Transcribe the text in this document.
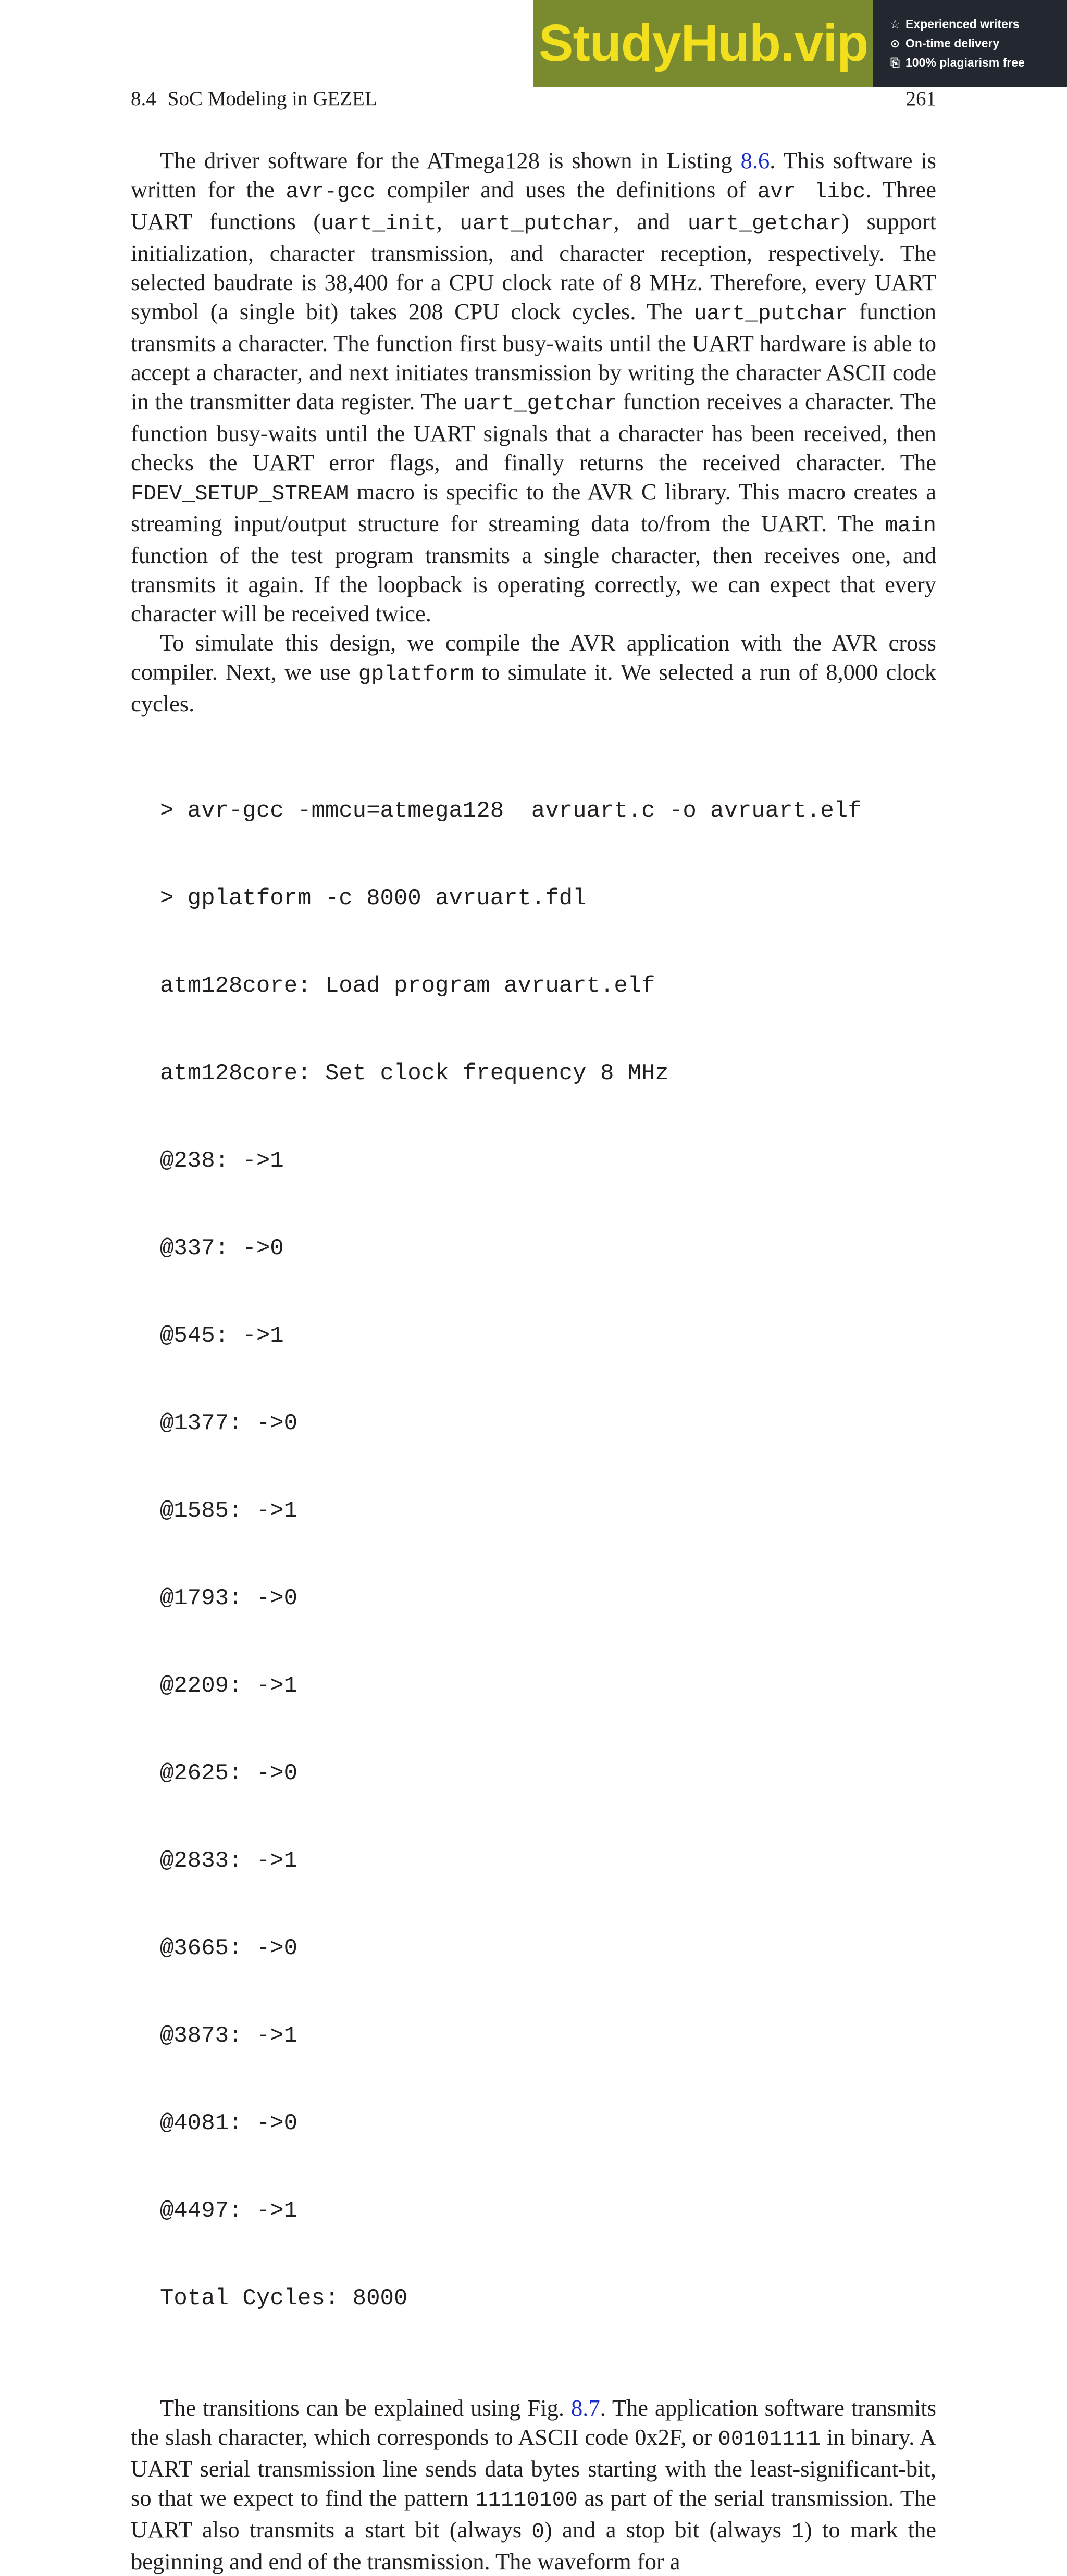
StudyHub.vip ☆ Experienced writers
⊙ On-time delivery
⎘ 100% plagiarism free
8.4 SoC Modeling in GEZEL	261

The driver software for the ATmega128 is shown in Listing 8.6. This software is written for the avr-gcc compiler and uses the definitions of avr libc. Three UART functions (uart_init, uart_putchar, and uart_getchar) support initialization, character transmission, and character reception, respectively. The selected baudrate is 38,400 for a CPU clock rate of 8 MHz. Therefore, every UART symbol (a single bit) takes 208 CPU clock cycles. The uart_putchar function transmits a character. The function first busy-waits until the UART hardware is able to accept a character, and next initiates transmission by writing the character ASCII code in the transmitter data register. The uart_getchar function receives a character. The function busy-waits until the UART signals that a character has been received, then checks the UART error flags, and finally returns the received character. The FDEV_SETUP_STREAM macro is specific to the AVR C library. This macro creates a streaming input/output structure for streaming data to/from the UART. The main function of the test program transmits a single character, then receives one, and transmits it again. If the loopback is operating correctly, we can expect that every character will be received twice.

To simulate this design, we compile the AVR application with the AVR cross compiler. Next, we use gplatform to simulate it. We selected a run of 8,000 clock cycles.

> avr-gcc -mmcu=atmega128  avruart.c -o avruart.elf

> gplatform -c 8000 avruart.fdl

atm128core: Load program avruart.elf

atm128core: Set clock frequency 8 MHz

@238: ->1

@337: ->0

@545: ->1

@1377: ->0

@1585: ->1

@1793: ->0

@2209: ->1

@2625: ->0

@2833: ->1

@3665: ->0

@3873: ->1

@4081: ->0

@4497: ->1

Total Cycles: 8000

The transitions can be explained using Fig. 8.7. The application software transmits the slash character, which corresponds to ASCII code 0x2F, or 00101111 in binary. A UART serial transmission line sends data bytes starting with the least-significant-bit, so that we expect to find the pattern 11110100 as part of the serial transmission. The UART also transmits a start bit (always 0) and a stop bit (always 1) to mark the beginning and end of the transmission. The waveform for a
